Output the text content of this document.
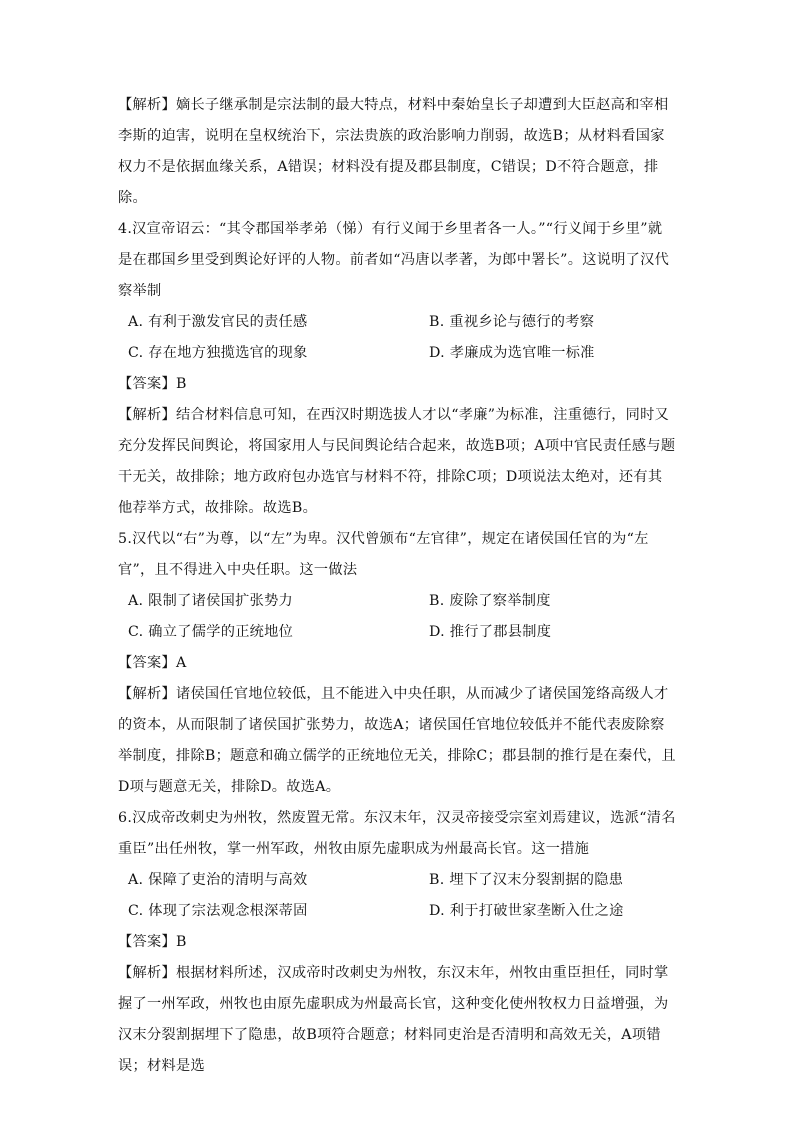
【解析】嫡长子继承制是宗法制的最大特点，材料中秦始皇长子却遭到大臣赵高和宰相李斯的迫害，说明在皇权统治下，宗法贵族的政治影响力削弱，故选B；从材料看国家权力不是依据血缘关系，A错误；材料没有提及郡县制度，C错误；D不符合题意，排除。

4.汉宣帝诏云：“其令郡国举孝弟（悌）有行义闻于乡里者各一人。”“行义闻于乡里”就是在郡国乡里受到舆论好评的人物。前者如“冯唐以孝著，为郎中署长”。这说明了汉代察举制

A. 有利于激发官民的责任感	B. 重视乡论与德行的考察
C. 存在地方独揽选官的现象	D. 孝廉成为选官唯一标准

【答案】B

【解析】结合材料信息可知，在西汉时期选拔人才以“孝廉”为标准，注重德行，同时又充分发挥民间舆论，将国家用人与民间舆论结合起来，故选B项；A项中官民责任感与题干无关，故排除；地方政府包办选官与材料不符，排除C项；D项说法太绝对，还有其他荐举方式，故排除。故选B。

5.汉代以“右”为尊，以“左”为卑。汉代曾颁布“左官律”，规定在诸侯国任官的为“左官”，且不得进入中央任职。这一做法

A. 限制了诸侯国扩张势力	B. 废除了察举制度
C. 确立了儒学的正统地位	D. 推行了郡县制度

【答案】A

【解析】诸侯国任官地位较低，且不能进入中央任职，从而减少了诸侯国笼络高级人才的资本，从而限制了诸侯国扩张势力，故选A；诸侯国任官地位较低并不能代表废除察举制度，排除B；题意和确立儒学的正统地位无关，排除C；郡县制的推行是在秦代，且D项与题意无关，排除D。故选A。

6.汉成帝改刺史为州牧，然废置无常。东汉末年，汉灵帝接受宗室刘焉建议，选派“清名重臣”出任州牧，掌一州军政，州牧由原先虚职成为州最高长官。这一措施

A. 保障了吏治的清明与高效	B. 埋下了汉末分裂割据的隐患
C. 体现了宗法观念根深蒂固	D. 利于打破世家垄断入仕之途

【答案】B

【解析】根据材料所述，汉成帝时改刺史为州牧，东汉末年，州牧由重臣担任，同时掌握了一州军政，州牧也由原先虚职成为州最高长官，这种变化使州牧权力日益增强，为汉末分裂割据埋下了隐患，故B项符合题意；材料同吏治是否清明和高效无关，A项错误；材料是选
